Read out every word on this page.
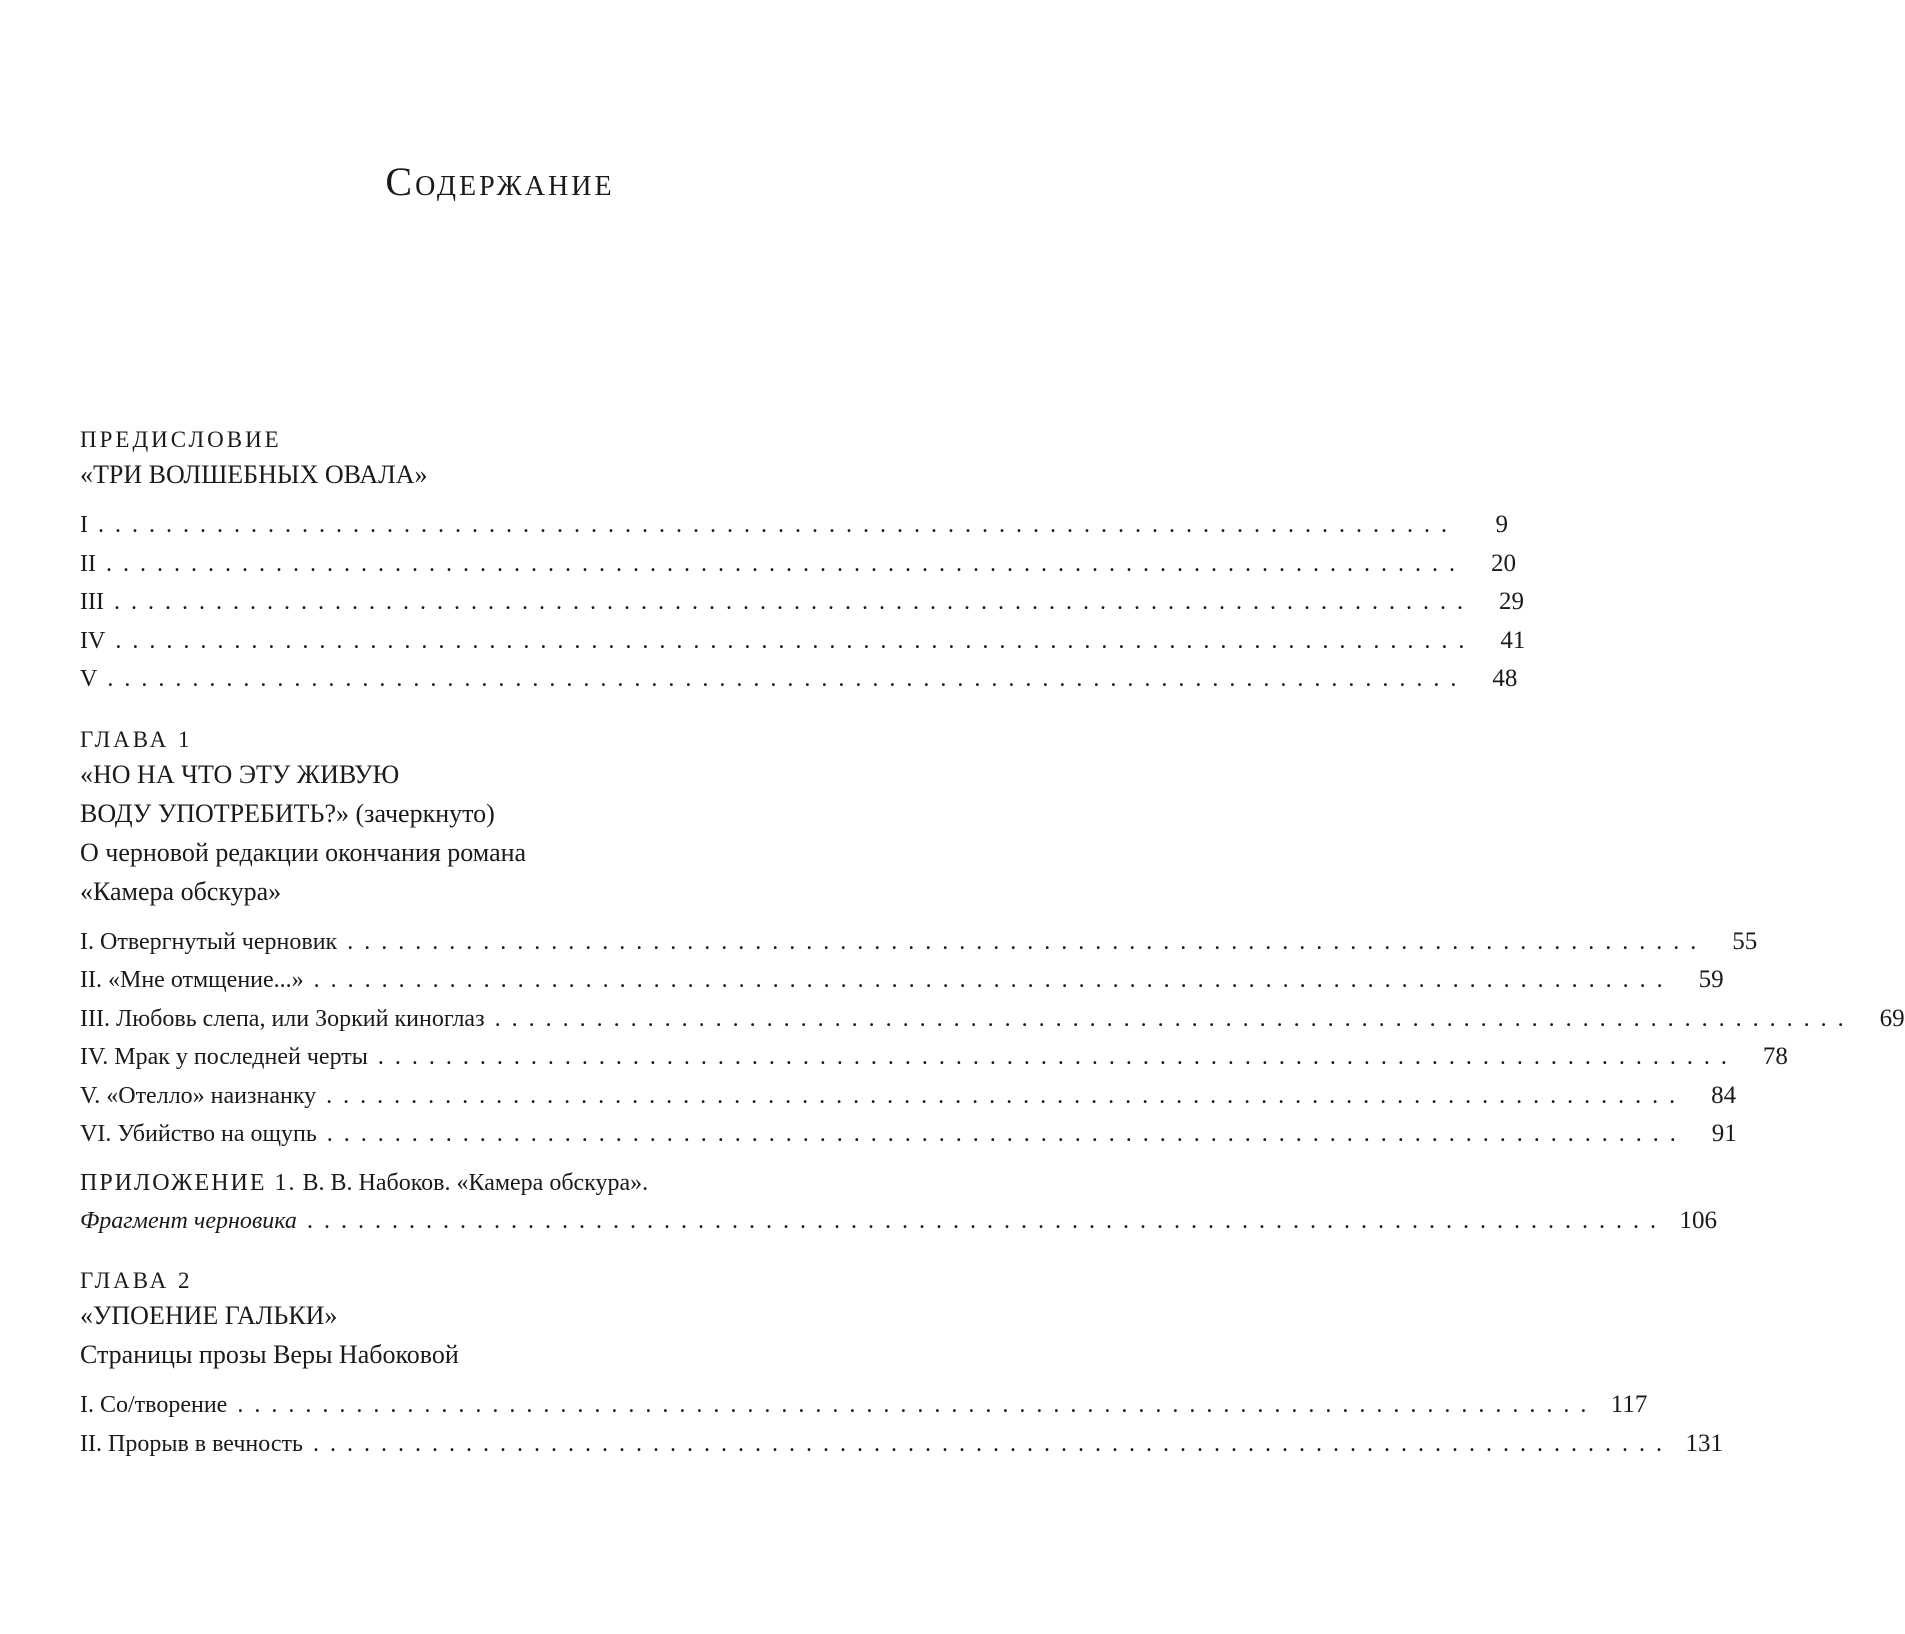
Содержание
ПРЕДИСЛОВИЕ
«ТРИ ВОЛШЕБНЫХ ОВАЛА»
I ................................................................................	9
II ................................................................................	20
III ................................................................................	29
IV ................................................................................	41
V ................................................................................	48
ГЛАВА 1
«НО НА ЧТО ЭТУ ЖИВУЮ
ВОДУ УПОТРЕБИТЬ?» (зачеркнуто)
О черновой редакции окончания романа
«Камера обскура»
I. Отвергнутый черновик ................................................................................	55
II. «Мне отмщение...» ................................................................................	59
III. Любовь слепа, или Зоркий киноглаз ................................................................................	69
IV. Мрак у последней черты ................................................................................	78
V. «Отелло» наизнанку ................................................................................	84
VI. Убийство на ощупь ................................................................................	91
ПРИЛОЖЕНИЕ 1. В. В. Набоков. «Камера обскура».
Фрагмент черновика ................................................................................ 106
ГЛАВА 2
«УПОЕНИЕ ГАЛЬКИ»
Страницы прозы Веры Набоковой
I. Со/творение ................................................................................ 117
II. Прорыв в вечность ................................................................................ 131
